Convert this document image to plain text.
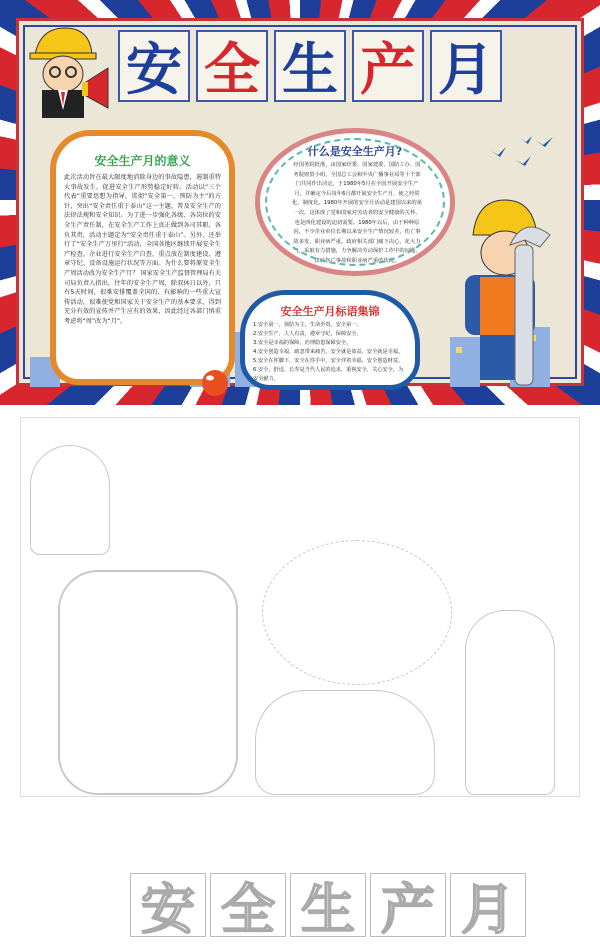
安 全 生 产 月
安全生产月的意义

此次活动旨在最大限度地消除身边的事故隐患，遏制重特大事故发生，促进安全生产形势稳定好转。活动以“三个代表”重要思想为指导，贯彻“安全第一，预防为主”的方针，突出“安全责任重于泰山”这一主题，普及安全生产的法律法规和安全知识。为了进一步强化各级、各岗位的安全生产责任制，在安全生产工作上真正做到各司其职、各负其责，活动主题定为“安全责任重于泰山”。另外，还举行了“安全生产万里行”活动，全国各地区继续开展安全生产检查，企业进行安全生产自查，重点放在制度建设、遵章守纪、设备设施运行状况等方面。为什么要将原安全生产周活动改为安全生产月？ 国家安全生产监督管理局有关司局负责人指出，往年的安全生产周，除双休日以外，只有5天时间，很难安排覆盖全国的、有影响的一些重大宣传活动，很难使党和国家关于安全生产的基本要求，得到充分有效的宣传并产生应有的效果，因此经过各部门慎重考虑将“周”改为“月”。

什么是安全生产月?

经国务院批准，由国家经委、国家建委、国防工办、国务院财贸小组、全国总工会和中央广播事业局等十个部门共同作出决定，于1980年5月在全国开展安全生产月，并确定今后每年6月都开展安全生产月，使之经常化、制度化。1980年开展的安全月活动是建国以来的第一次，这体现了党和国家对劳动者的安全健康的关怀，也是四化建设的迫切需要。1980年以后，由于种种原因，不少企业单位长期以来安全生产情况较差，伤亡事故多发，职业病严重。政府相关部门痛下决心，花大力气，采取有力措施，力争解决劳动保护工作中的问题，扭转伤亡事故和职业病严重的状况。

安全生产月标语集锦
1.安全第一，预防为主，生命至贵，安全第一。
2.安全生产，人人有责，遵章守纪，保障安全。
3.安全是幸福的保障，治理隐患保障安全。
4.安全创造幸福，疏忽带来痛苦，安全就是效益，安全就是幸福。
5.安全在你脚下，安全在你手中，安全伴着幸福，安全创造财富。
6.安全、舒适、长寿是当代人民的追求，重视安全，关心安全，为安全献力。
安 全 生 产 月
